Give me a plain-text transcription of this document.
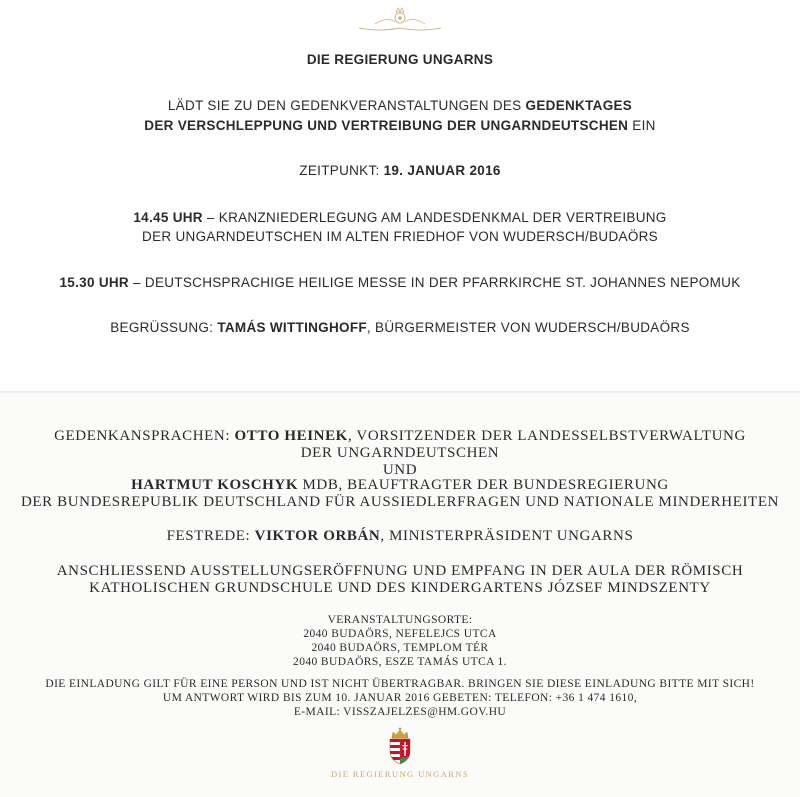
DIE REGIERUNG UNGARNS
LÄDT SIE ZU DEN GEDENKVERANSTALTUNGEN DES GEDENKTAGES
DER VERSCHLEPPUNG UND VERTREIBUNG DER UNGARNDEUTSCHEN EIN
ZEITPUNKT: 19. JANUAR 2016
14.45 UHR – KRANZNIEDERLEGUNG AM LANDESDENKMAL DER VERTREIBUNG
DER UNGARNDEUTSCHEN IM ALTEN FRIEDHOF VON WUDERSCH/BUDAÖRS
15.30 UHR – DEUTSCHSPRACHIGE HEILIGE MESSE IN DER PFARRKIRCHE ST. JOHANNES NEPOMUK
BEGRÜSSUNG: TAMÁS WITTINGHOFF, BÜRGERMEISTER VON WUDERSCH/BUDAÖRS
GEDENKANSPRACHEN: OTTO HEINEK, VORSITZENDER DER LANDESSELBSTVERWALTUNG
DER UNGARNDEUTSCHEN
UND
HARTMUT KOSCHYK MDB, BEAUFTRAGTER DER BUNDESREGIERUNG
DER BUNDESREPUBLIK DEUTSCHLAND FÜR AUSSIEDLERFRAGEN UND NATIONALE MINDERHEITEN
FESTREDE: VIKTOR ORBÁN, MINISTERPRÄSIDENT UNGARNS
ANSCHLIESSEND AUSSTELLUNGSERÖFFNUNG UND EMPFANG IN DER AULA DER RÖMISCH
KATHOLISCHEN GRUNDSCHULE UND DES KINDERGARTENS JÓZSEF MINDSZENTY
VERANSTALTUNGSORTE:
2040 BUDAÖRS, NEFELEJCS UTCA
2040 BUDAÖRS, TEMPLOM TÉR
2040 BUDAÖRS, ESZE TAMÁS UTCA 1.
DIE EINLADUNG GILT FÜR EINE PERSON UND IST NICHT ÜBERTRAGBAR. BRINGEN SIE DIESE EINLADUNG BITTE MIT SICH!
UM ANTWORT WIRD BIS ZUM 10. JANUAR 2016 GEBETEN: TELEFON: +36 1 474 1610,
E-MAIL: VISSZAJELZES@HM.GOV.HU
DIE REGIERUNG UNGARNS
